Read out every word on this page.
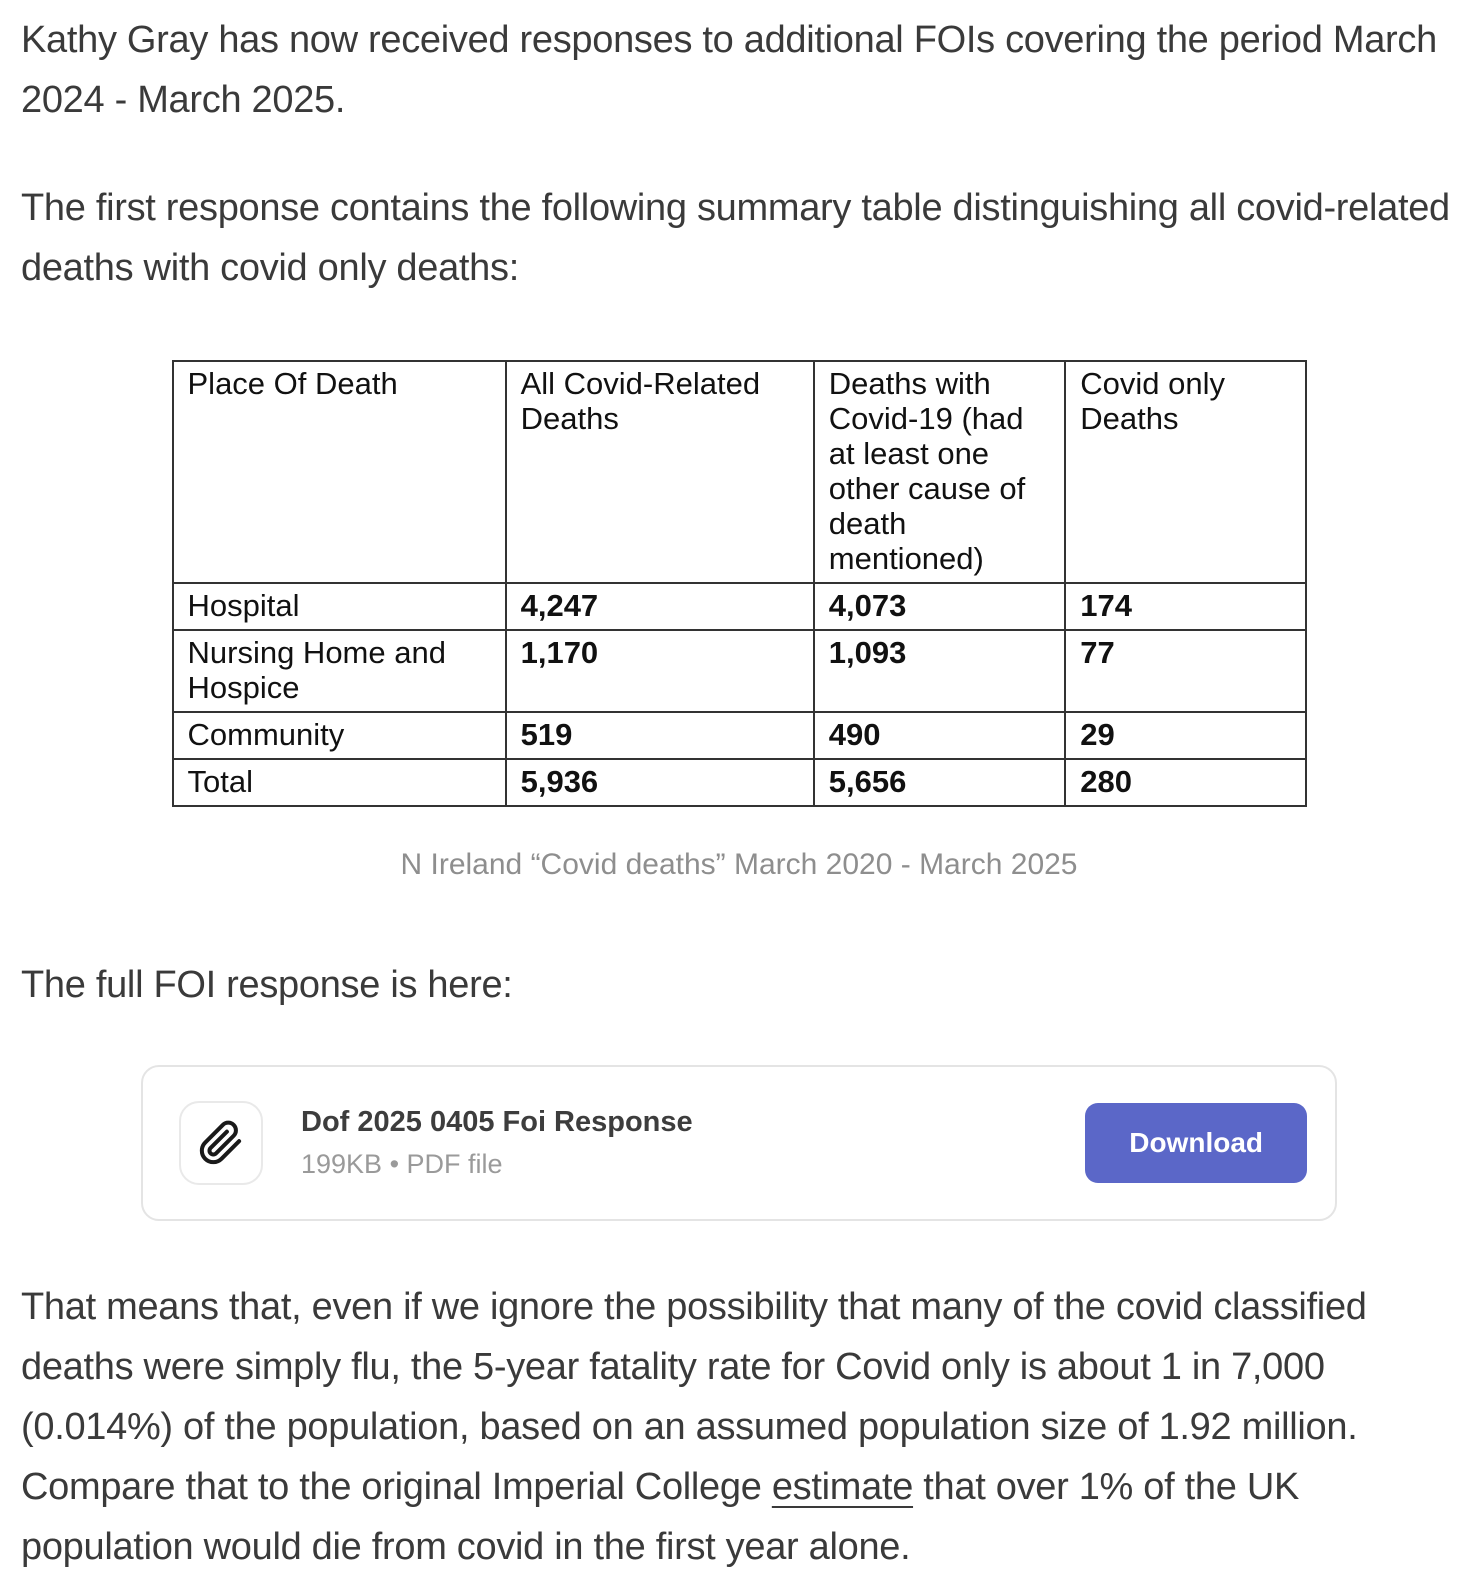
Kathy Gray has now received responses to additional FOIs covering the period March 2024 - March 2025.

The first response contains the following summary table distinguishing all covid-related deaths with covid only deaths:

Place Of Death	All Covid-Related Deaths	Deaths with Covid-19 (had at least one other cause of death mentioned)	Covid only Deaths
Hospital	4,247	4,073	174
Nursing Home and Hospice	1,170	1,093	77
Community	519	490	29
Total	5,936	5,656	280
N Ireland “Covid deaths” March 2020 - March 2025

The full FOI response is here:

Dof 2025 0405 Foi Response
199KB • PDF file
Download

That means that, even if we ignore the possibility that many of the covid classified deaths were simply flu, the 5-year fatality rate for Covid only is about 1 in 7,000 (0.014%) of the population, based on an assumed population size of 1.92 million. Compare that to the original Imperial College estimate that over 1% of the UK population would die from covid in the first year alone.
